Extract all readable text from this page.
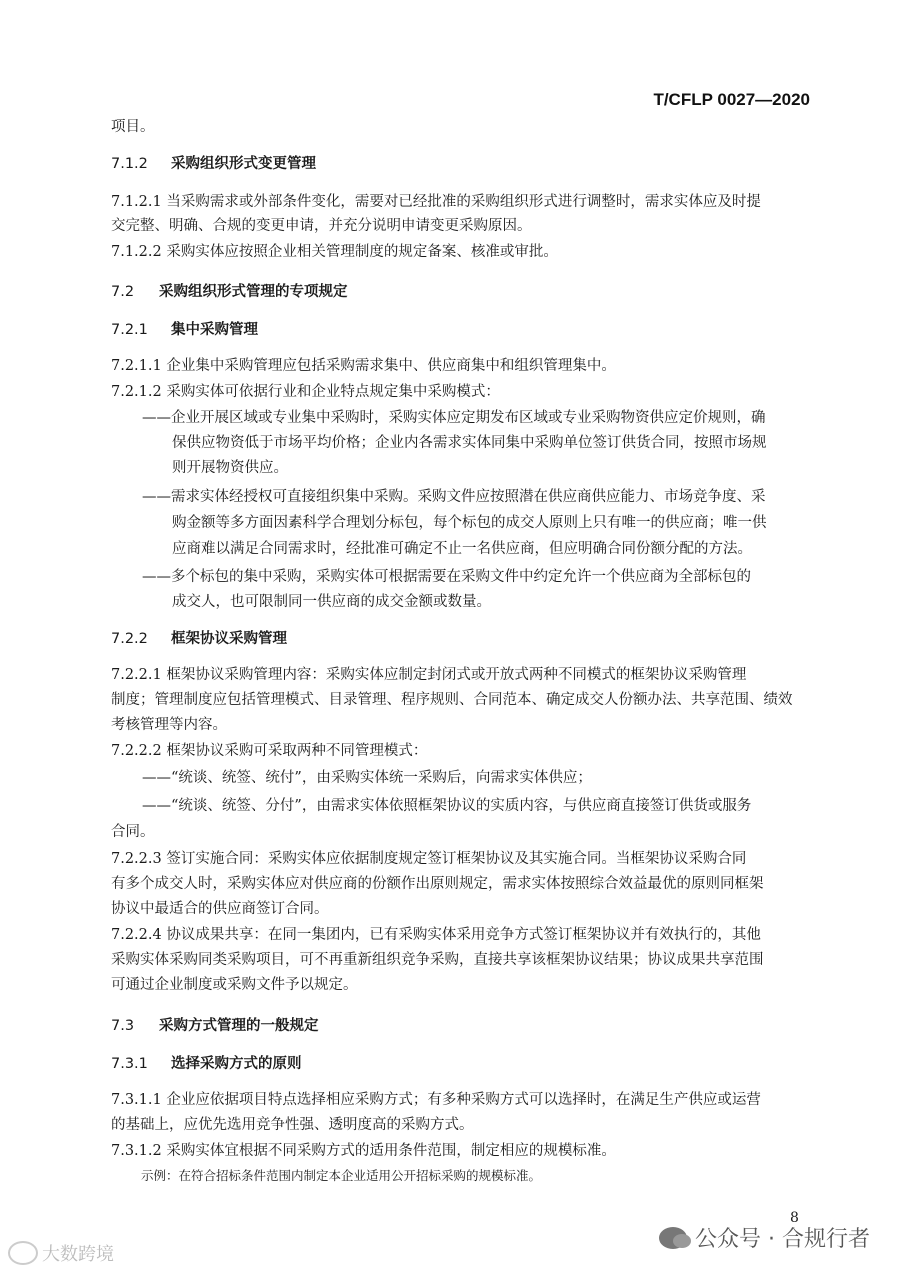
T/CFLP 0027—2020
项目。
7.1.2 采购组织形式变更管理
7.1.2.1 当采购需求或外部条件变化，需要对已经批准的采购组织形式进行调整时，需求实体应及时提
交完整、明确、合规的变更申请，并充分说明申请变更采购原因。
7.1.2.2 采购实体应按照企业相关管理制度的规定备案、核准或审批。
7.2 采购组织形式管理的专项规定
7.2.1 集中采购管理
7.2.1.1 企业集中采购管理应包括采购需求集中、供应商集中和组织管理集中。
7.2.1.2 采购实体可依据行业和企业特点规定集中采购模式：
——企业开展区域或专业集中采购时，采购实体应定期发布区域或专业采购物资供应定价规则，确
保供应物资低于市场平均价格；企业内各需求实体同集中采购单位签订供货合同，按照市场规
则开展物资供应。
——需求实体经授权可直接组织集中采购。采购文件应按照潜在供应商供应能力、市场竞争度、采
购金额等多方面因素科学合理划分标包，每个标包的成交人原则上只有唯一的供应商；唯一供
应商难以满足合同需求时，经批准可确定不止一名供应商，但应明确合同份额分配的方法。
——多个标包的集中采购，采购实体可根据需要在采购文件中约定允许一个供应商为全部标包的
成交人，也可限制同一供应商的成交金额或数量。
7.2.2 框架协议采购管理
7.2.2.1 框架协议采购管理内容：采购实体应制定封闭式或开放式两种不同模式的框架协议采购管理
制度；管理制度应包括管理模式、目录管理、程序规则、合同范本、确定成交人份额办法、共享范围、绩效
考核管理等内容。
7.2.2.2 框架协议采购可采取两种不同管理模式：
——“统谈、统签、统付”，由采购实体统一采购后，向需求实体供应；
——“统谈、统签、分付”，由需求实体依照框架协议的实质内容，与供应商直接签订供货或服务
合同。
7.2.2.3 签订实施合同：采购实体应依据制度规定签订框架协议及其实施合同。当框架协议采购合同
有多个成交人时，采购实体应对供应商的份额作出原则规定，需求实体按照综合效益最优的原则同框架
协议中最适合的供应商签订合同。
7.2.2.4 协议成果共享：在同一集团内，已有采购实体采用竞争方式签订框架协议并有效执行的，其他
采购实体采购同类采购项目，可不再重新组织竞争采购，直接共享该框架协议结果；协议成果共享范围
可通过企业制度或采购文件予以规定。
7.3 采购方式管理的一般规定
7.3.1 选择采购方式的原则
7.3.1.1 企业应依据项目特点选择相应采购方式；有多种采购方式可以选择时，在满足生产供应或运营
的基础上，应优先选用竞争性强、透明度高的采购方式。
7.3.1.2 采购实体宜根据不同采购方式的适用条件范围，制定相应的规模标准。
示例：在符合招标条件范围内制定本企业适用公开招标采购的规模标准。
8
公众号 · 合规行者
大数跨境
